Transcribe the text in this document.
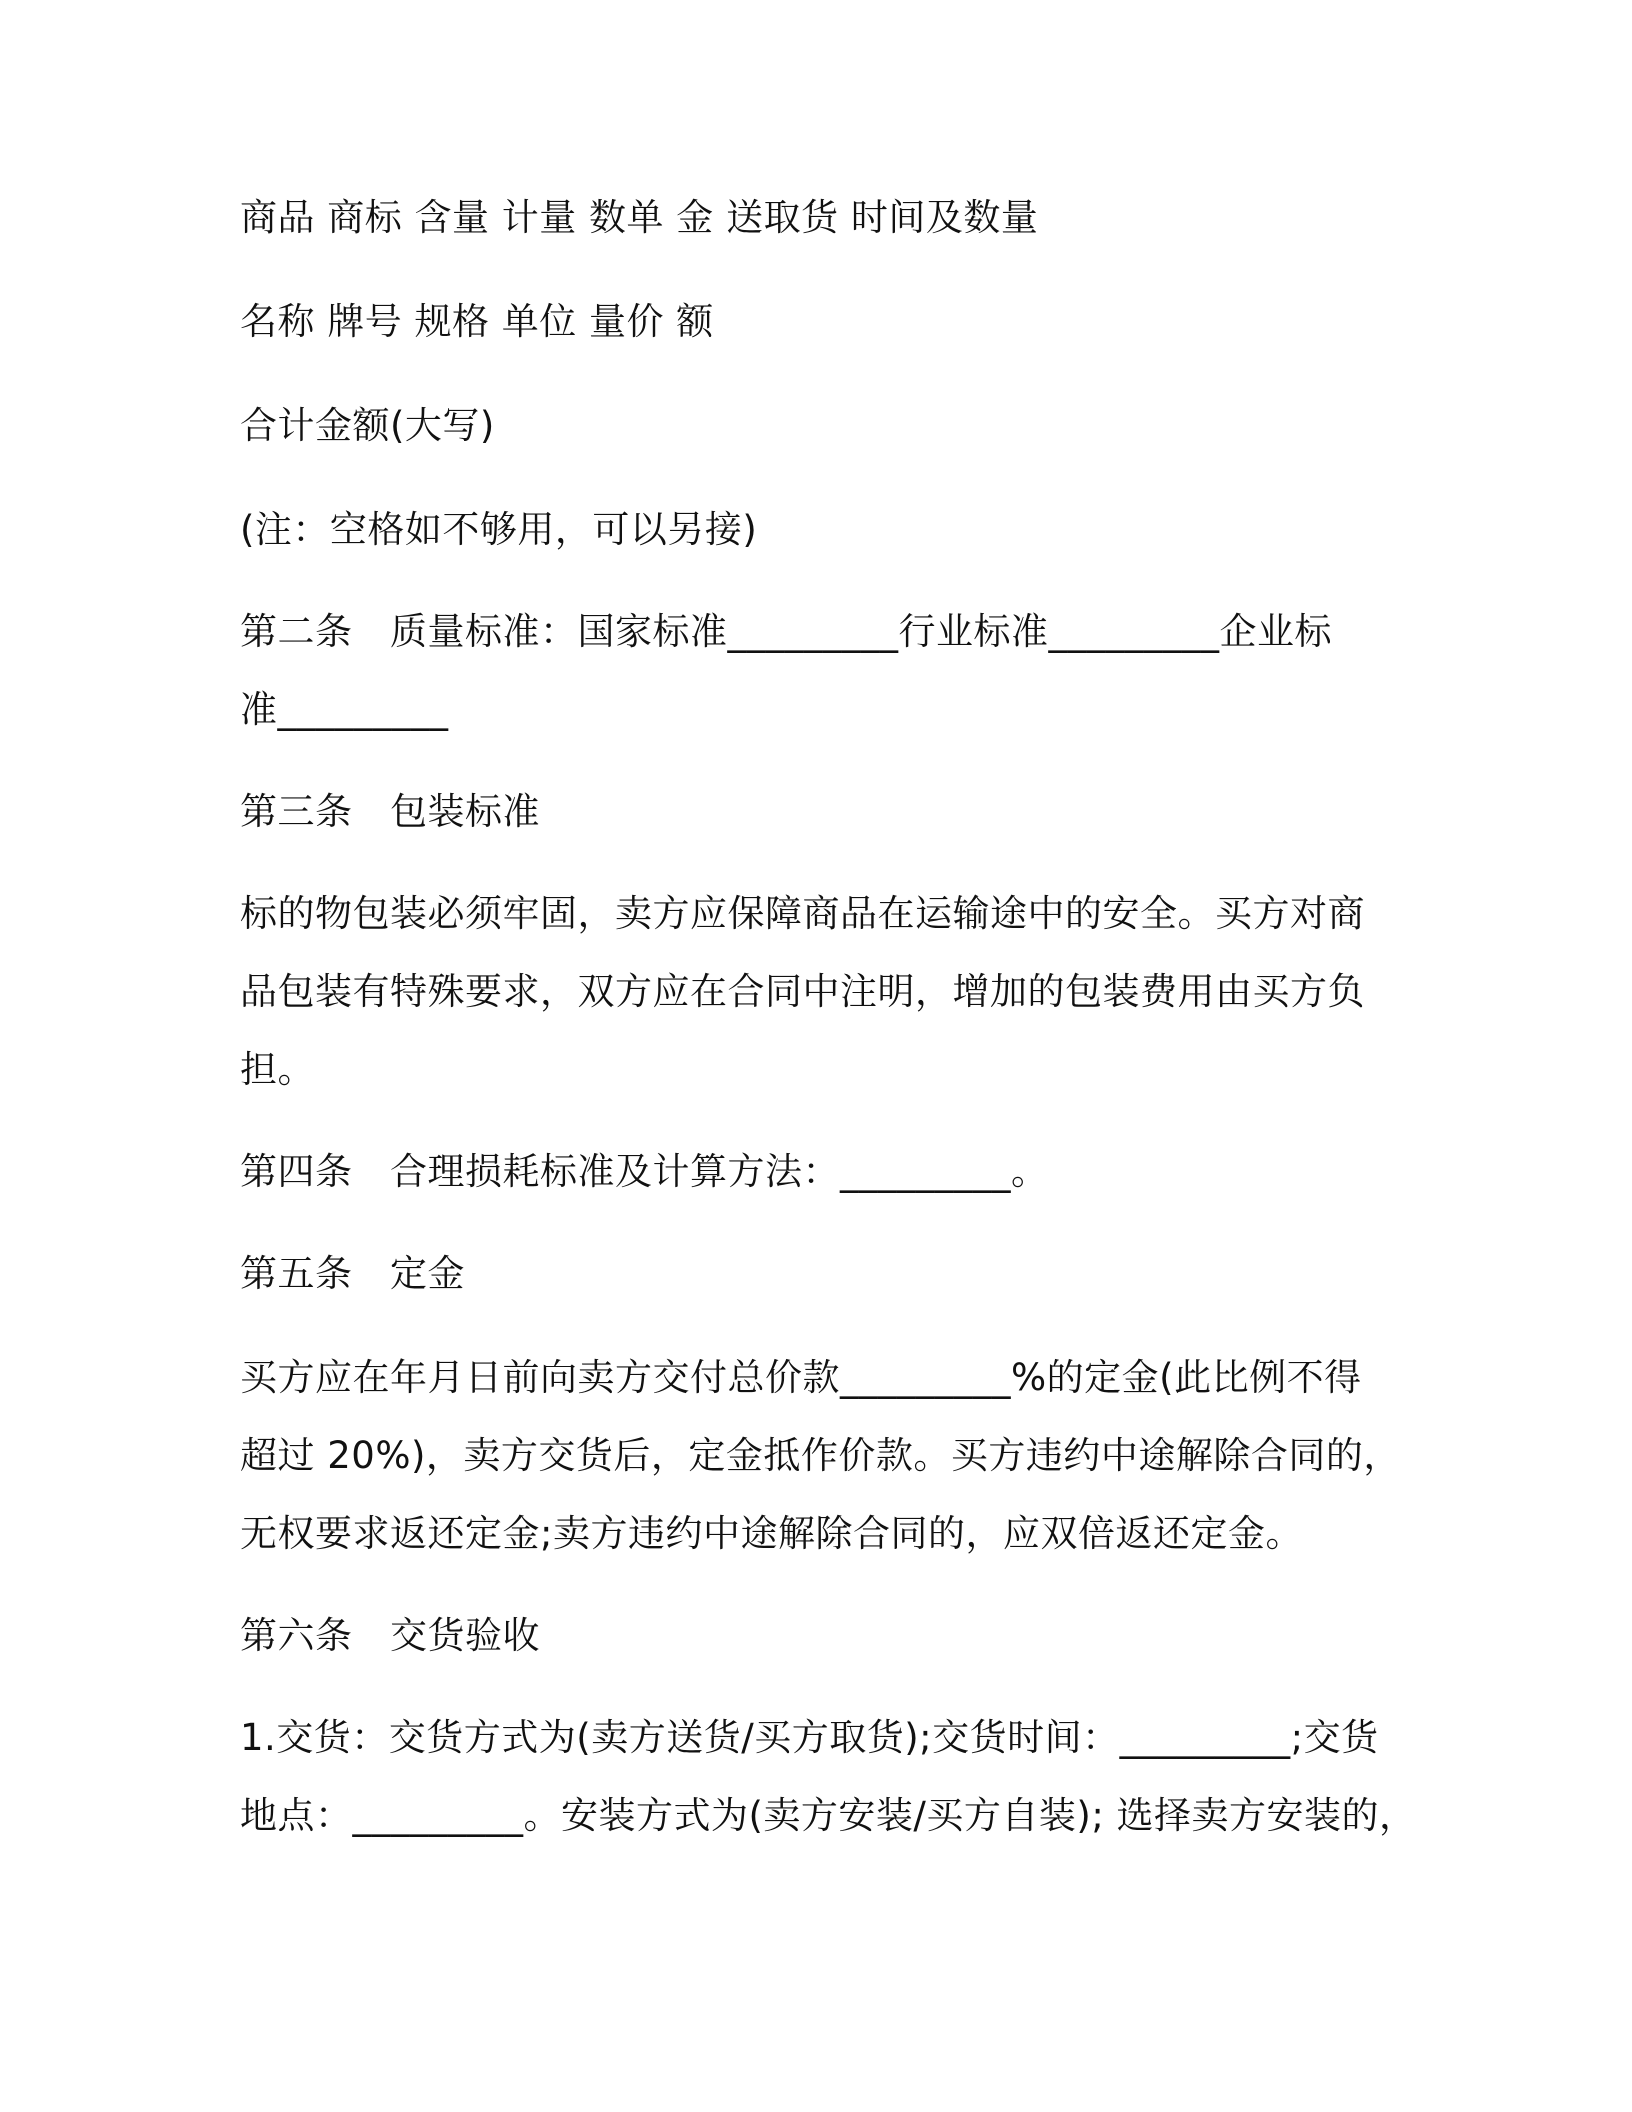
商品 商标 含量 计量 数单 金 送取货 时间及数量
名称 牌号 规格 单位 量价 额
合计金额(大写)
(注：空格如不够用，可以另接)
第二条　质量标准：国家标准_________行业标准_________企业标
准_________
第三条　包装标准
标的物包装必须牢固，卖方应保障商品在运输途中的安全。买方对商
品包装有特殊要求，双方应在合同中注明，增加的包装费用由买方负
担。
第四条　合理损耗标准及计算方法：_________。
第五条　定金
买方应在年月日前向卖方交付总价款_________%的定金(此比例不得
超过 20%)，卖方交货后，定金抵作价款。买方违约中途解除合同的，
无权要求返还定金;卖方违约中途解除合同的，应双倍返还定金。
第六条　交货验收
1.交货：交货方式为(卖方送货/买方取货);交货时间：_________;交货
地点：_________。安装方式为(卖方安装/买方自装); 选择卖方安装的，
